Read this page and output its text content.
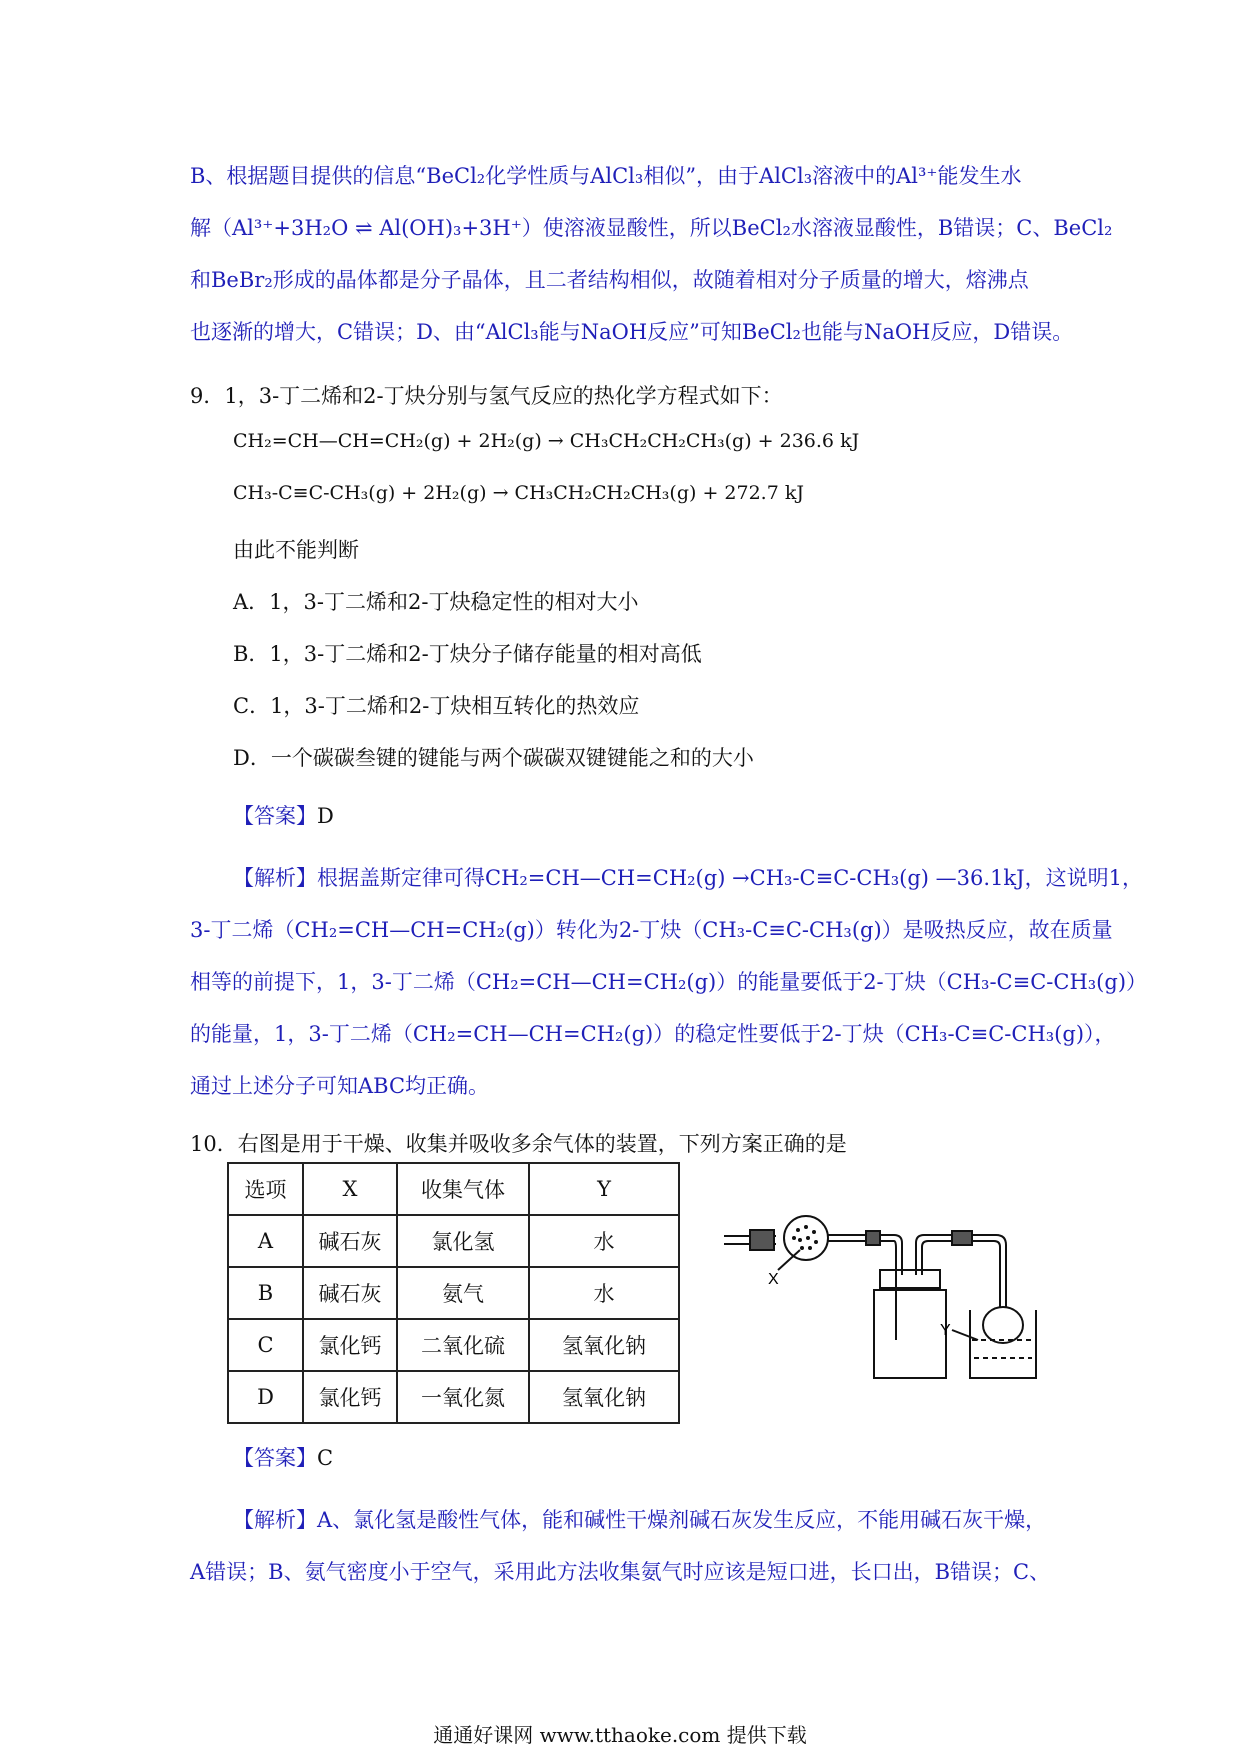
B、根据题目提供的信息“BeCl₂化学性质与AlCl₃相似”，由于AlCl₃溶液中的Al³⁺能发生水
解（Al³⁺+3H₂O ⇌ Al(OH)₃+3H⁺）使溶液显酸性，所以BeCl₂水溶液显酸性，B错误；C、BeCl₂
和BeBr₂形成的晶体都是分子晶体，且二者结构相似，故随着相对分子质量的增大，熔沸点
也逐渐的增大，C错误；D、由“AlCl₃能与NaOH反应”可知BeCl₂也能与NaOH反应，D错误。
9．1，3-丁二烯和2-丁炔分别与氢气反应的热化学方程式如下：
CH₂=CH—CH=CH₂(g) + 2H₂(g) → CH₃CH₂CH₂CH₃(g) + 236.6 kJ
CH₃-C≡C-CH₃(g) + 2H₂(g) → CH₃CH₂CH₂CH₃(g) + 272.7 kJ
由此不能判断
A．1，3-丁二烯和2-丁炔稳定性的相对大小
B．1，3-丁二烯和2-丁炔分子储存能量的相对高低
C．1，3-丁二烯和2-丁炔相互转化的热效应
D．一个碳碳叁键的键能与两个碳碳双键键能之和的大小
【答案】D
【解析】根据盖斯定律可得CH₂=CH—CH=CH₂(g) →CH₃-C≡C-CH₃(g) —36.1kJ，这说明1，
3-丁二烯（CH₂=CH—CH=CH₂(g)）转化为2-丁炔（CH₃-C≡C-CH₃(g)）是吸热反应，故在质量
相等的前提下，1，3-丁二烯（CH₂=CH—CH=CH₂(g)）的能量要低于2-丁炔（CH₃-C≡C-CH₃(g)）
的能量，1，3-丁二烯（CH₂=CH—CH=CH₂(g)）的稳定性要低于2-丁炔（CH₃-C≡C-CH₃(g)），
通过上述分子可知ABC均正确。
10．右图是用于干燥、收集并吸收多余气体的装置，下列方案正确的是
选项	X	收集气体	Y
A	碱石灰	氯化氢	水
B	碱石灰	氨气	水
C	氯化钙	二氧化硫	氢氧化钠
D	氯化钙	一氧化氮	氢氧化钠
X
Y
【答案】C
【解析】A、氯化氢是酸性气体，能和碱性干燥剂碱石灰发生反应，不能用碱石灰干燥，
A错误；B、氨气密度小于空气，采用此方法收集氨气时应该是短口进，长口出，B错误；C、
通通好课网 www.tthaoke.com 提供下载
